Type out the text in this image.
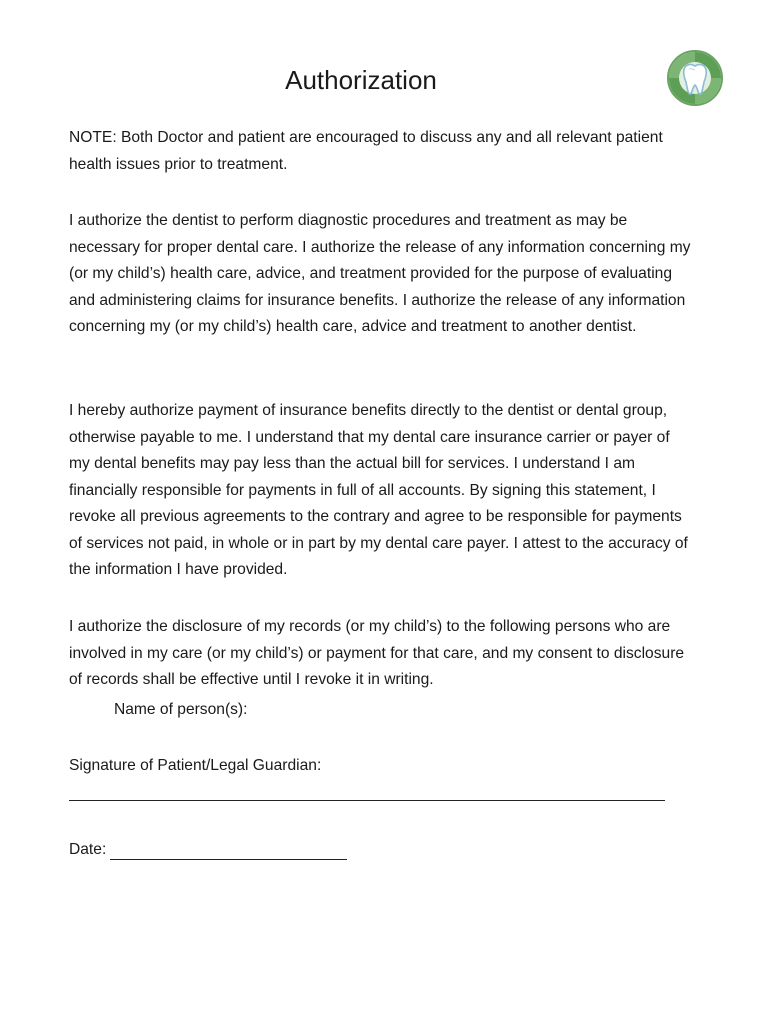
Authorization

NOTE: Both Doctor and patient are encouraged to discuss any and all relevant patient health issues prior to treatment.

I authorize the dentist to perform diagnostic procedures and treatment as may be necessary for proper dental care. I authorize the release of any information concerning my (or my child’s) health care, advice, and treatment provided for the purpose of evaluating and administering claims for insurance benefits. I authorize the release of any information concerning my (or my child’s) health care, advice and treatment to another dentist.

I hereby authorize payment of insurance benefits directly to the dentist or dental group, otherwise payable to me. I understand that my dental care insurance carrier or payer of my dental benefits may pay less than the actual bill for services. I understand I am financially responsible for payments in full of all accounts. By signing this statement, I revoke all previous agreements to the contrary and agree to be responsible for payments of services not paid, in whole or in part by my dental care payer. I attest to the accuracy of the information I have provided.

I authorize the disclosure of my records (or my child’s) to the following persons who are involved in my care (or my child’s) or payment for that care, and my consent to disclosure of records shall be effective until I revoke it in writing.

Name of person(s):
Signature of Patient/Legal Guardian:
Date:
